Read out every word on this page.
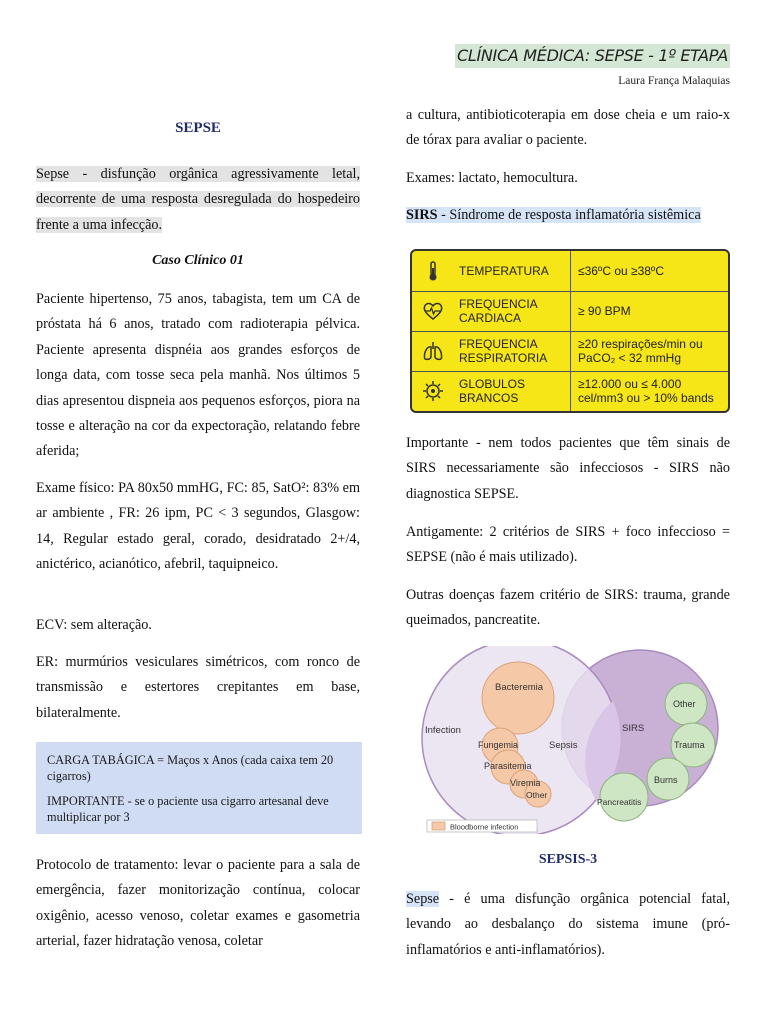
CLÍNICA MÉDICA: SEPSE - 1º ETAPA
Laura França Malaquias
SEPSE

Sepse - disfunção orgânica agressivamente letal, decorrente de uma resposta desregulada do hospedeiro frente a uma infecção.

Paciente hipertenso, 75 anos, tabagista, tem um CA de próstata há 6 anos, tratado com radioterapia pélvica. Paciente apresenta dispnéia aos grandes esforços de longa data, com tosse seca pela manhã. Nos últimos 5 dias apresentou dispneia aos pequenos esforços, piora na tosse e alteração na cor da expectoração, relatando febre aferida;

Exame físico: PA 80x50 mmHG, FC: 85, SatO²: 83% em ar ambiente , FR: 26 ipm, PC < 3 segundos, Glasgow: 14, Regular estado geral, corado, desidratado 2+/4, anictérico, acianótico, afebril, taquipneico.

ECV: sem alteração.

ER: murmúrios vesiculares simétricos, com ronco de transmissão e estertores crepitantes em base, bilateralmente.

Protocolo de tratamento: levar o paciente para a sala de emergência, fazer monitorização contínua, colocar oxigênio, acesso venoso, coletar exames e gasometria arterial, fazer hidratação venosa, coletar

Caso Clínico 01

CARGA TABÁGICA = Maços x Anos (cada caixa tem 20 cigarros)

IMPORTANTE - se o paciente usa cigarro artesanal deve multiplicar por 3

a cultura, antibioticoterapia em dose cheia e um raio-x de tórax para avaliar o paciente.

Exames: lactato, hemocultura.

SIRS - Síndrome de resposta inflamatória sistêmica

Importante - nem todos pacientes que têm sinais de SIRS necessariamente são infecciosos - SIRS não diagnostica SEPSE.

Antigamente: 2 critérios de SIRS + foco infeccioso = SEPSE (não é mais utilizado).

Outras doenças fazem critério de SIRS: trauma, grande queimados, pancreatite.

Sepse - é uma disfunção orgânica potencial fatal, levando ao desbalanço do sistema imune (pró-inflamatórios e anti-inflamatórios).

TEMPERATURA	≤36ºC ou ≥38ºC
FREQUENCIA CARDIACA	≥ 90 BPM
FREQUENCIA RESPIRATORIA
≥20 respirações/min ou PaCO₂ < 32 mmHg
GLOBULOS BRANCOS
≥12.000 ou ≤ 4.000 cel/mm3 ou > 10% bands
Infection
Bacteremia
Fungemia
Parasitemia
Viremia
Other
Sepsis
SIRS
Other
Trauma
Burns
Pancreatitis
Bloodborne infection
SEPSIS-3
